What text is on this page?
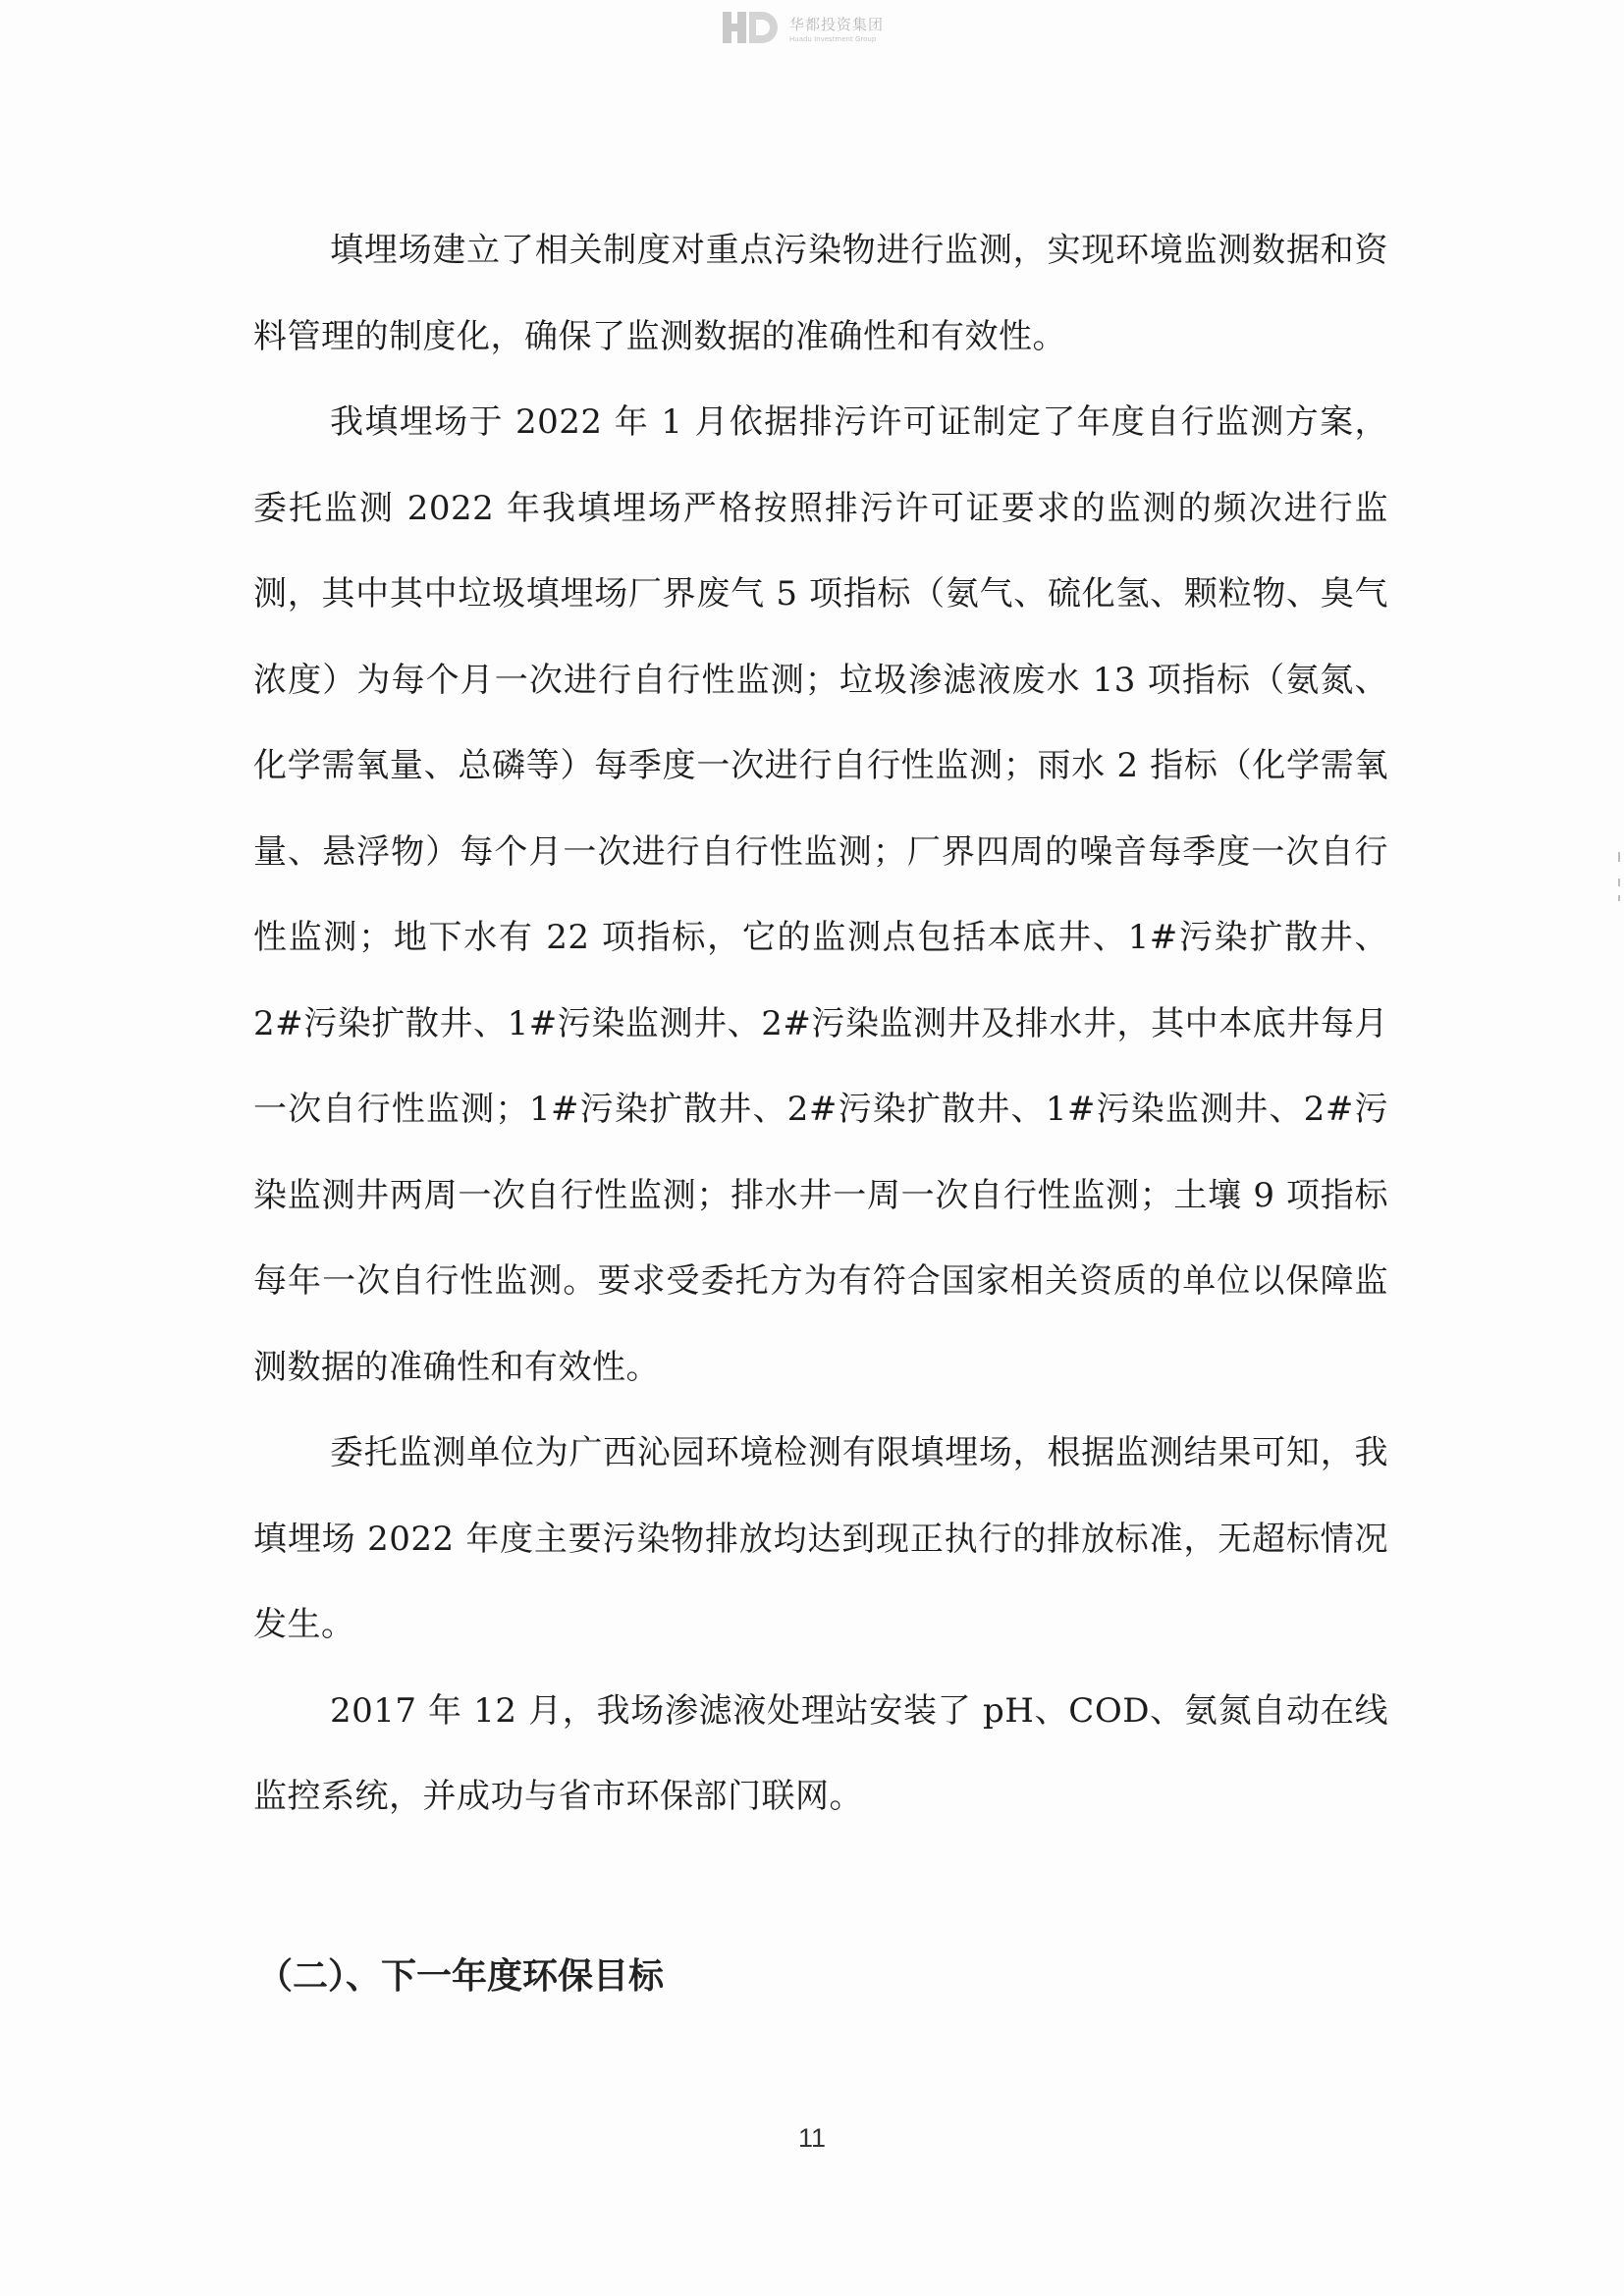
华都投资集团
Huadu Investment Group

填埋场建立了相关制度对重点污染物进行监测，实现环境监测数据和资料管理的制度化，确保了监测数据的准确性和有效性。

我填埋场于 2022 年 1 月依据排污许可证制定了年度自行监测方案，委托监测 2022 年我填埋场严格按照排污许可证要求的监测的频次进行监测，其中其中垃圾填埋场厂界废气 5 项指标（氨气、硫化氢、颗粒物、臭气浓度）为每个月一次进行自行性监测；垃圾渗滤液废水 13 项指标（氨氮、化学需氧量、总磷等）每季度一次进行自行性监测；雨水 2 指标（化学需氧量、悬浮物）每个月一次进行自行性监测；厂界四周的噪音每季度一次自行性监测；地下水有 22 项指标，它的监测点包括本底井、1#污染扩散井、2#污染扩散井、1#污染监测井、2#污染监测井及排水井，其中本底井每月一次自行性监测；1#污染扩散井、2#污染扩散井、1#污染监测井、2#污染监测井两周一次自行性监测；排水井一周一次自行性监测；土壤 9 项指标每年一次自行性监测。要求受委托方为有符合国家相关资质的单位以保障监测数据的准确性和有效性。

委托监测单位为广西沁园环境检测有限填埋场，根据监测结果可知，我填埋场 2022 年度主要污染物排放均达到现正执行的排放标准，无超标情况发生。

2017 年 12 月，我场渗滤液处理站安装了 pH、COD、氨氮自动在线监控系统，并成功与省市环保部门联网。

（二）、下一年度环保目标
11
